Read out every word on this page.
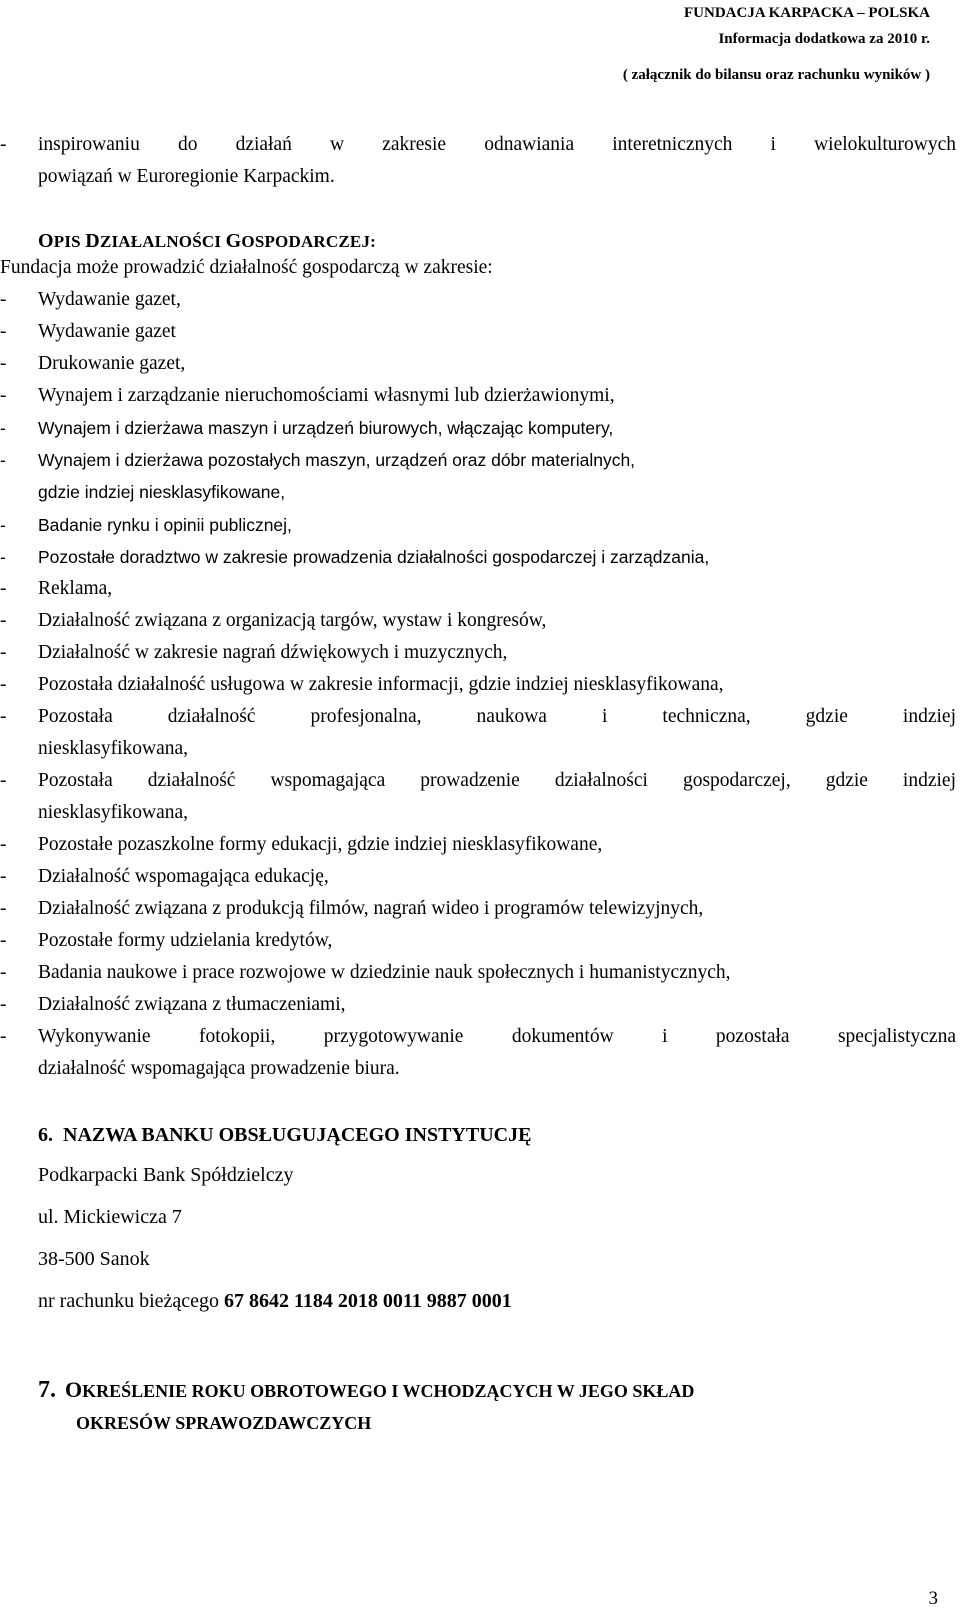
FUNDACJA KARPACKA – POLSKA
Informacja dodatkowa za 2010 r.
( załącznik do bilansu oraz rachunku wyników )
- inspirowaniu do działań w zakresie odnawiania interetnicznych i wielokulturowych
powiązań w Euroregionie Karpackim.
OPIS DZIAŁALNOŚCI GOSPODARCZEJ:
Fundacja może prowadzić działalność gospodarczą w zakresie:
- Wydawanie gazet,
- Wydawanie gazet
- Drukowanie gazet,
- Wynajem i zarządzanie nieruchomościami własnymi lub dzierżawionymi,
- Wynajem i dzierżawa maszyn i urządzeń biurowych, włączając komputery,
- Wynajem i dzierżawa pozostałych maszyn, urządzeń oraz dóbr materialnych,
gdzie indziej niesklasyfikowane,
- Badanie rynku i opinii publicznej,
- Pozostałe doradztwo w zakresie prowadzenia działalności gospodarczej i zarządzania,
- Reklama,
- Działalność związana z organizacją targów, wystaw i kongresów,
- Działalność w zakresie nagrań dźwiękowych i muzycznych,
- Pozostała działalność usługowa w zakresie informacji, gdzie indziej niesklasyfikowana,
- Pozostała działalność profesjonalna, naukowa i techniczna, gdzie indziej
niesklasyfikowana,
- Pozostała działalność wspomagająca prowadzenie działalności gospodarczej, gdzie indziej
niesklasyfikowana,
- Pozostałe pozaszkolne formy edukacji, gdzie indziej niesklasyfikowane,
- Działalność wspomagająca edukację,
- Działalność związana z produkcją filmów, nagrań wideo i programów telewizyjnych,
- Pozostałe formy udzielania kredytów,
- Badania naukowe i prace rozwojowe w dziedzinie nauk społecznych i humanistycznych,
- Działalność związana z tłumaczeniami,
- Wykonywanie fotokopii, przygotowywanie dokumentów i pozostała specjalistyczna
działalność wspomagająca prowadzenie biura.
6. NAZWA BANKU OBSŁUGUJĄCEGO INSTYTUCJĘ
Podkarpacki Bank Spółdzielczy
ul. Mickiewicza 7
38-500 Sanok
nr rachunku bieżącego 67 8642 1184 2018 0011 9887 0001
7. OKREŚLENIE ROKU OBROTOWEGO I WCHODZĄCYCH W JEGO SKŁAD
OKRESÓW SPRAWOZDAWCZYCH
3
